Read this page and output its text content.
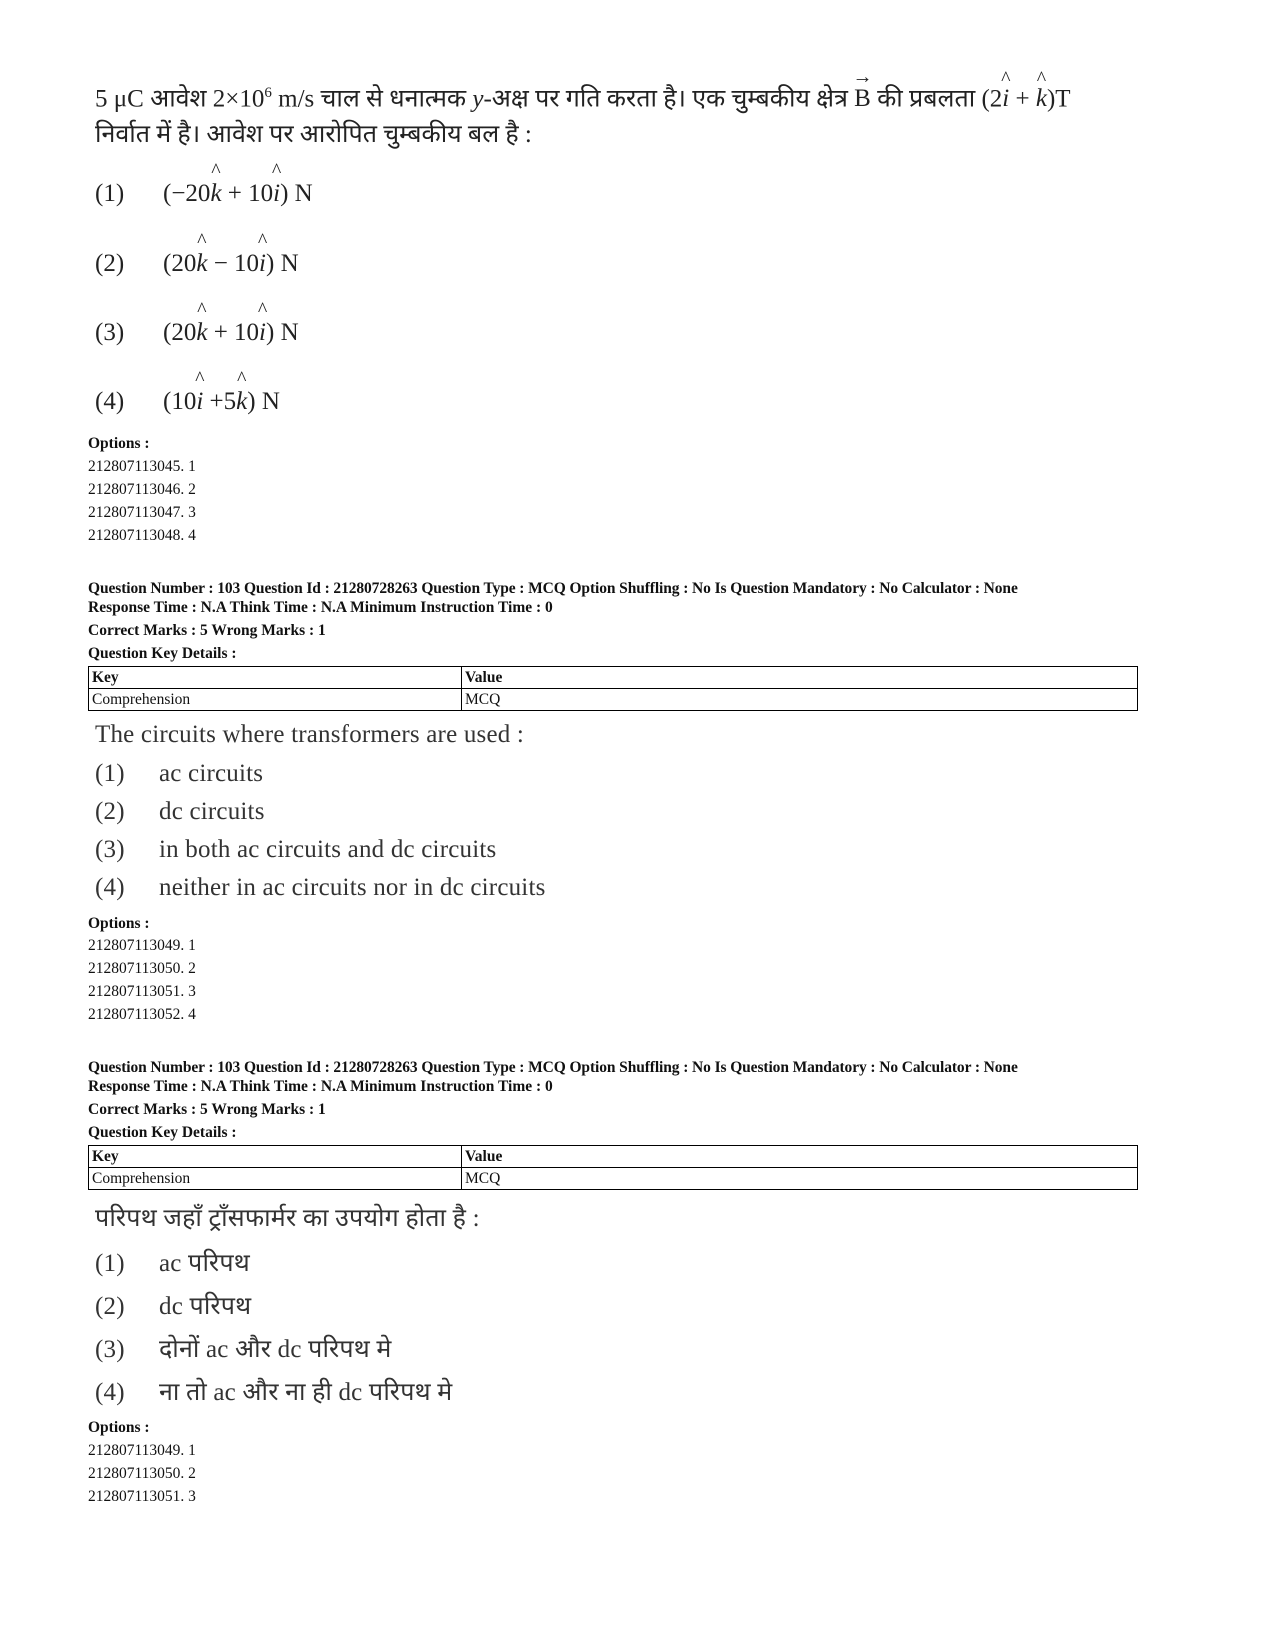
5 μC आवेश $2\times 10^6$ m/s चाल से धनात्मक y-अक्ष पर गति करता है। एक चुम्बकीय क्षेत्र → B की प्रबलता (2^ i + ^ k)T
निर्वात में है। आवेश पर आरोपित चुम्बकीय बल है :
(1) (−20^ k + 10^ i) N
(2) (20^ k − 10^ i) N
(3) (20^ k + 10^ i) N
(4) (10^ i +5^ k) N
Options :
212807113045. 1
212807113046. 2
212807113047. 3
212807113048. 4
Question Number : 103 Question Id : 21280728263 Question Type : MCQ Option Shuffling : No Is Question Mandatory : No Calculator : None
Response Time : N.A Think Time : N.A Minimum Instruction Time : 0
Correct Marks : 5 Wrong Marks : 1
Question Key Details :
Key	Value
Comprehension	MCQ
The circuits where transformers are used :
(1) ac circuits
(2) dc circuits
(3) in both ac circuits and dc circuits
(4) neither in ac circuits nor in dc circuits
Options :
212807113049. 1
212807113050. 2
212807113051. 3
212807113052. 4
Question Number : 103 Question Id : 21280728263 Question Type : MCQ Option Shuffling : No Is Question Mandatory : No Calculator : None
Response Time : N.A Think Time : N.A Minimum Instruction Time : 0
Correct Marks : 5 Wrong Marks : 1
Question Key Details :
Key	Value
Comprehension	MCQ
परिपथ जहाँ ट्राँसफार्मर का उपयोग होता है :
(1) ac परिपथ
(2) dc परिपथ
(3) दोनों ac और dc परिपथ मे
(4) ना तो ac और ना ही dc परिपथ मे
Options :
212807113049. 1
212807113050. 2
212807113051. 3
